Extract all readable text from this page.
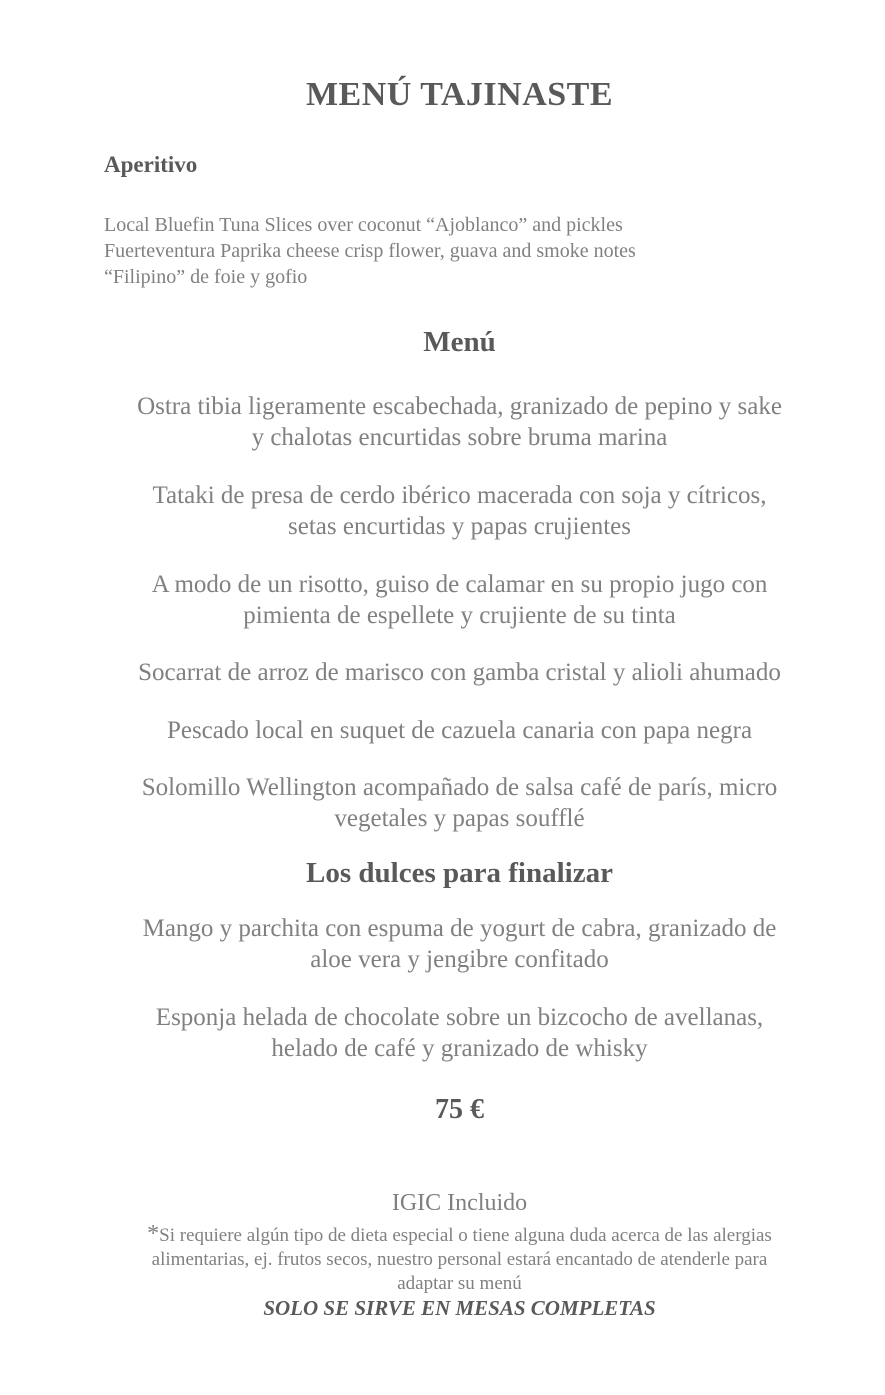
MENÚ TAJINASTE
Aperitivo
Local Bluefin Tuna Slices over coconut “Ajoblanco” and pickles
Fuerteventura Paprika cheese crisp flower, guava and smoke notes
“Filipino” de foie y gofio
Menú

Ostra tibia ligeramente escabechada, granizado de pepino y sake
y chalotas encurtidas sobre bruma marina

Tataki de presa de cerdo ibérico macerada con soja y cítricos,
setas encurtidas y papas crujientes

A modo de un risotto, guiso de calamar en su propio jugo con
pimienta de espellete y crujiente de su tinta

Socarrat de arroz de marisco con gamba cristal y alioli ahumado

Pescado local en suquet de cazuela canaria con papa negra

Solomillo Wellington acompañado de salsa café de parís, micro
vegetales y papas soufflé

Los dulces para finalizar

Mango y parchita con espuma de yogurt de cabra, granizado de
aloe vera y jengibre confitado

Esponja helada de chocolate sobre un bizcocho de avellanas,
helado de café y granizado de whisky

75 €

IGIC Incluido

*Si requiere algún tipo de dieta especial o tiene alguna duda acerca de las alergias
alimentarias, ej. frutos secos, nuestro personal estará encantado de atenderle para
adaptar su menú

SOLO SE SIRVE EN MESAS COMPLETAS
